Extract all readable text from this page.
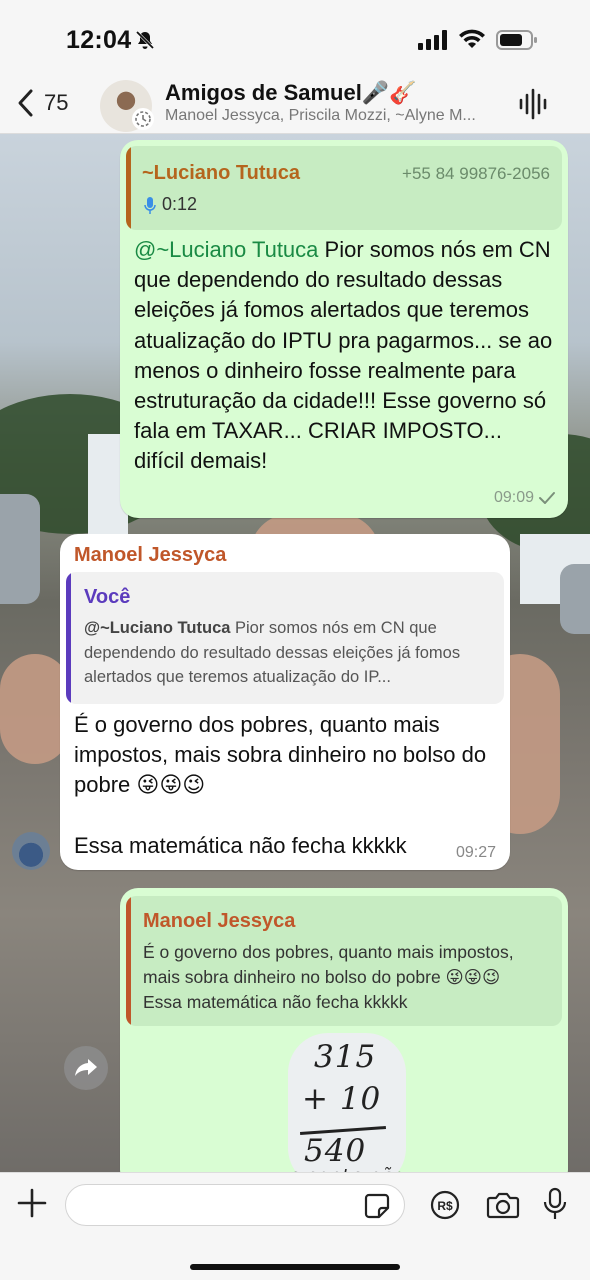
12:04
75	Amigos de Samuel🎤🎸
Manoel Jessyca, Priscila Mozzi, ~Alyne M...
~Luciano Tutuca	+55 84 99876-2056
0:12
@~Luciano Tutuca Pior somos nós em CN que dependendo do resultado dessas eleições já fomos alertados que teremos atualização do IPTU pra pagarmos... se ao menos o dinheiro fosse realmente para estruturação da cidade!!! Esse governo só fala em TAXAR... CRIAR IMPOSTO... difícil demais!
09:09
Manoel Jessyca
Você
@~Luciano Tutuca Pior somos nós em CN que dependendo do resultado dessas eleições já fomos alertados que teremos atualização do IP...
É o governo dos pobres, quanto mais impostos, mais sobra dinheiro no bolso do pobre 😜😜😉
Essa matemática não fecha kkkkk	09:27
Manoel Jessyca
É o governo dos pobres, quanto mais impostos, mais sobra dinheiro no bolso do pobre 😜😜😉
Essa matemática não fecha kkkkk
315
+ 10
540
R$
